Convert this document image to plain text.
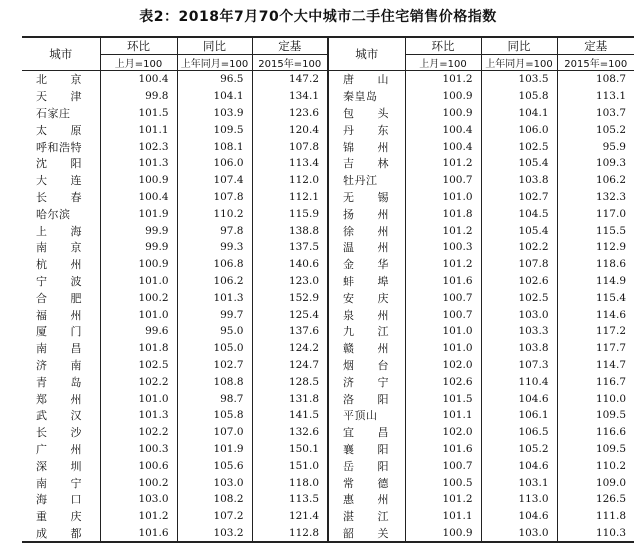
表2：2018年7月70个大中城市二手住宅销售价格指数
城市	环比	同比	定基	城市	环比	同比	定基
	上月=100	上年同月=100	2015年=100		上月=100	上年同月=100	2015年=100
北　　京	100.4	96.5	147.2	唐　　山	101.2	103.5	108.7
天　　津	99.8	104.1	134.1	秦皇岛	100.9	105.8	113.1
石家庄	101.5	103.9	123.6	包　　头	100.9	104.1	103.7
太　　原	101.1	109.5	120.4	丹　　东	100.4	106.0	105.2
呼和浩特	102.3	108.1	107.8	锦　　州	100.4	102.5	95.9
沈　　阳	101.3	106.0	113.4	吉　　林	101.2	105.4	109.3
大　　连	100.9	107.4	112.0	牡丹江	100.7	103.8	106.2
长　　春	100.4	107.8	112.1	无　　锡	101.0	102.7	132.3
哈尔滨	101.9	110.2	115.9	扬　　州	101.8	104.5	117.0
上　　海	99.9	97.8	138.8	徐　　州	101.2	105.4	115.5
南　　京	99.9	99.3	137.5	温　　州	100.3	102.2	112.9
杭　　州	100.9	106.8	140.6	金　　华	101.2	107.8	118.6
宁　　波	101.0	106.2	123.0	蚌　　埠	101.6	102.6	114.9
合　　肥	100.2	101.3	152.9	安　　庆	100.7	102.5	115.4
福　　州	101.0	99.7	125.4	泉　　州	100.7	103.0	114.6
厦　　门	99.6	95.0	137.6	九　　江	101.0	103.3	117.2
南　　昌	101.8	105.0	124.2	赣　　州	101.0	103.8	117.7
济　　南	102.5	102.7	124.7	烟　　台	102.0	107.3	114.7
青　　岛	102.2	108.8	128.5	济　　宁	102.6	110.4	116.7
郑　　州	101.0	98.7	131.8	洛　　阳	101.5	104.6	110.0
武　　汉	101.3	105.8	141.5	平顶山	101.1	106.1	109.5
长　　沙	102.2	107.0	132.6	宜　　昌	102.0	106.5	116.6
广　　州	100.3	101.9	150.1	襄　　阳	101.6	105.2	109.5
深　　圳	100.6	105.6	151.0	岳　　阳	100.7	104.6	110.2
南　　宁	100.2	103.0	118.0	常　　德	100.5	103.1	109.0
海　　口	103.0	108.2	113.5	惠　　州	101.2	113.0	126.5
重　　庆	101.2	107.2	121.4	湛　　江	101.1	104.6	111.8
成　　都	101.6	103.2	112.8	韶　　关	100.9	103.0	110.3
